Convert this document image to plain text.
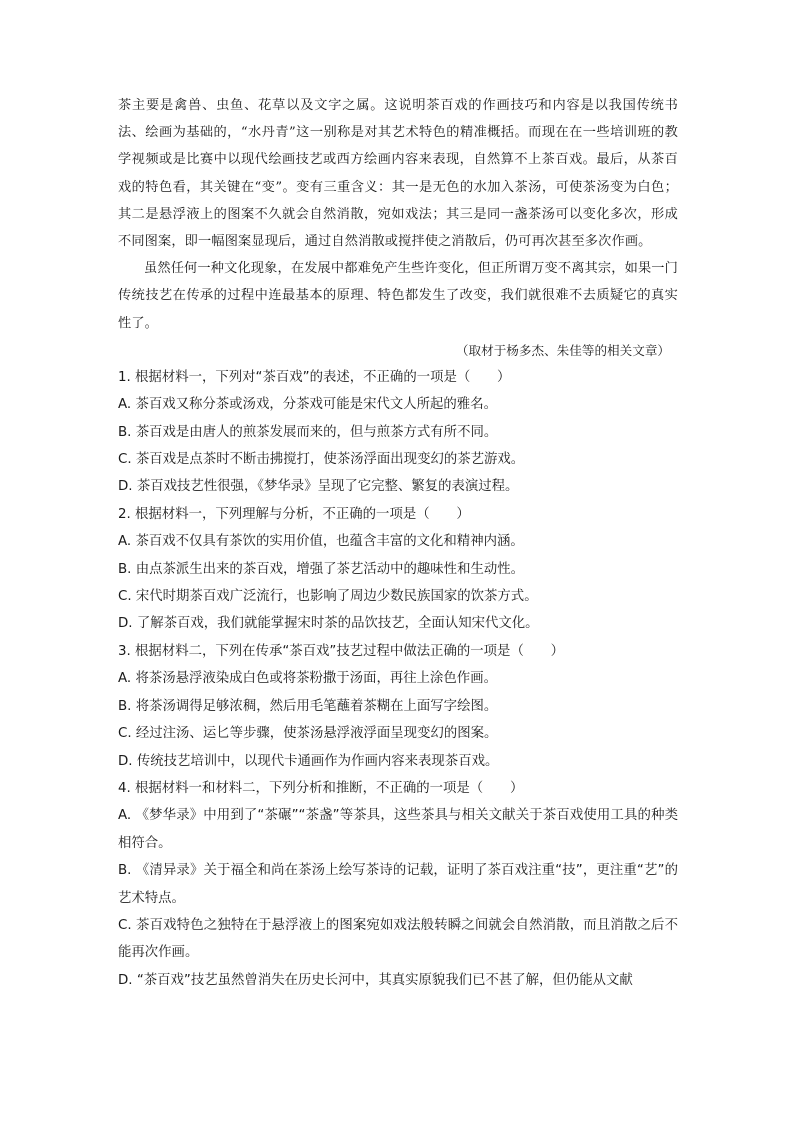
茶主要是禽兽、虫鱼、花草以及文字之属。这说明茶百戏的作画技巧和内容是以我国传统书法、绘画为基础的，“水丹青”这一别称是对其艺术特色的精准概括。而现在在一些培训班的教学视频或是比赛中以现代绘画技艺或西方绘画内容来表现，自然算不上茶百戏。最后，从茶百戏的特色看，其关键在“变”。变有三重含义：其一是无色的水加入茶汤，可使茶汤变为白色；其二是悬浮液上的图案不久就会自然消散，宛如戏法；其三是同一盏茶汤可以变化多次，形成不同图案，即一幅图案显现后，通过自然消散或搅拌使之消散后，仍可再次甚至多次作画。

虽然任何一种文化现象，在发展中都难免产生些许变化，但正所谓万变不离其宗，如果一门传统技艺在传承的过程中连最基本的原理、特色都发生了改变，我们就很难不去质疑它的真实性了。

（取材于杨多杰、朱佳等的相关文章）

1. 根据材料一，下列对“茶百戏”的表述，不正确的一项是（　　）

A. 茶百戏又称分茶或汤戏，分茶戏可能是宋代文人所起的雅名。

B. 茶百戏是由唐人的煎茶发展而来的，但与煎茶方式有所不同。

C. 茶百戏是点茶时不断击拂搅打，使茶汤浮面出现变幻的茶艺游戏。

D. 茶百戏技艺性很强，《梦华录》呈现了它完整、繁复的表演过程。

2. 根据材料一，下列理解与分析，不正确的一项是（　　）

A. 茶百戏不仅具有茶饮的实用价值，也蕴含丰富的文化和精神内涵。

B. 由点茶派生出来的茶百戏，增强了茶艺活动中的趣味性和生动性。

C. 宋代时期茶百戏广泛流行，也影响了周边少数民族国家的饮茶方式。

D. 了解茶百戏，我们就能掌握宋时茶的品饮技艺，全面认知宋代文化。

3. 根据材料二，下列在传承“茶百戏”技艺过程中做法正确的一项是（　　）

A. 将茶汤悬浮液染成白色或将茶粉撒于汤面，再往上涂色作画。

B. 将茶汤调得足够浓稠，然后用毛笔蘸着茶糊在上面写字绘图。

C. 经过注汤、运匕等步骤，使茶汤悬浮液浮面呈现变幻的图案。

D. 传统技艺培训中，以现代卡通画作为作画内容来表现茶百戏。

4. 根据材料一和材料二，下列分析和推断，不正确的一项是（　　）

A. 《梦华录》中用到了“茶碾”“茶盏”等茶具，这些茶具与相关文献关于茶百戏使用工具的种类相符合。

B. 《清异录》关于福全和尚在茶汤上绘写茶诗的记载，证明了茶百戏注重“技”，更注重“艺”的艺术特点。

C. 茶百戏特色之独特在于悬浮液上的图案宛如戏法般转瞬之间就会自然消散，而且消散之后不能再次作画。

D. “茶百戏”技艺虽然曾消失在历史长河中，其真实原貌我们已不甚了解，但仍能从文献
